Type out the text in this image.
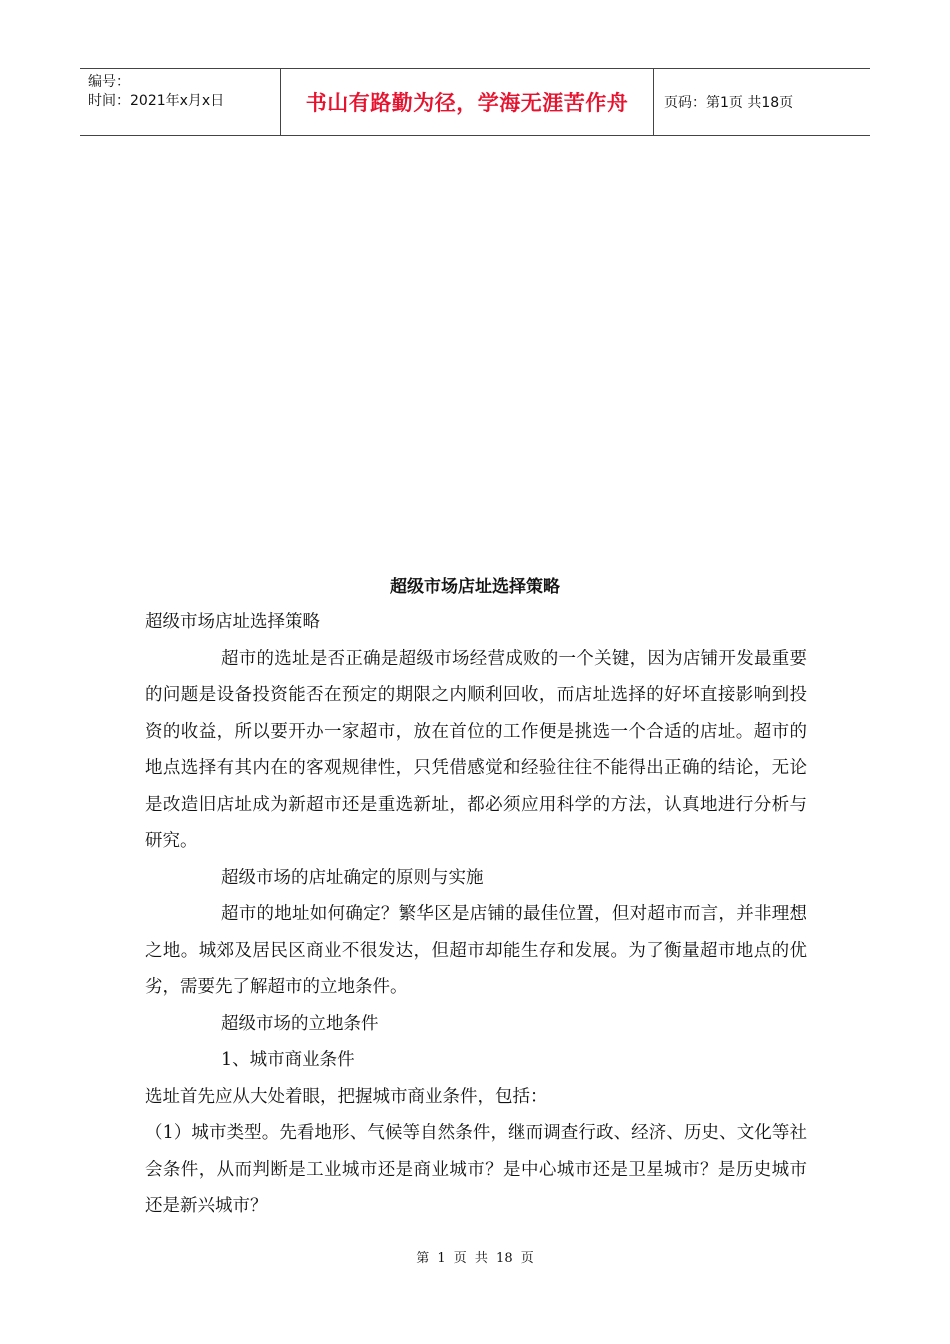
编号：
时间：2021年x月x日	书山有路勤为径，学海无涯苦作舟	页码：第1页 共18页
超级市场店址选择策略

超级市场店址选择策略

超市的选址是否正确是超级市场经营成败的一个关键，因为店铺开发最重要的问题是设备投资能否在预定的期限之内顺利回收，而店址选择的好坏直接影响到投资的收益，所以要开办一家超市，放在首位的工作便是挑选一个合适的店址。超市的地点选择有其内在的客观规律性，只凭借感觉和经验往往不能得出正确的结论，无论是改造旧店址成为新超市还是重选新址，都必须应用科学的方法，认真地进行分析与研究。

超级市场的店址确定的原则与实施

超市的地址如何确定？繁华区是店铺的最佳位置，但对超市而言，并非理想之地。城郊及居民区商业不很发达，但超市却能生存和发展。为了衡量超市地点的优劣，需要先了解超市的立地条件。

超级市场的立地条件

1、城市商业条件

选址首先应从大处着眼，把握城市商业条件，包括：

（1）城市类型。先看地形、气候等自然条件，继而调查行政、经济、历史、文化等社会条件，从而判断是工业城市还是商业城市？是中心城市还是卫星城市？是历史城市还是新兴城市？

第 1 页 共 18 页
